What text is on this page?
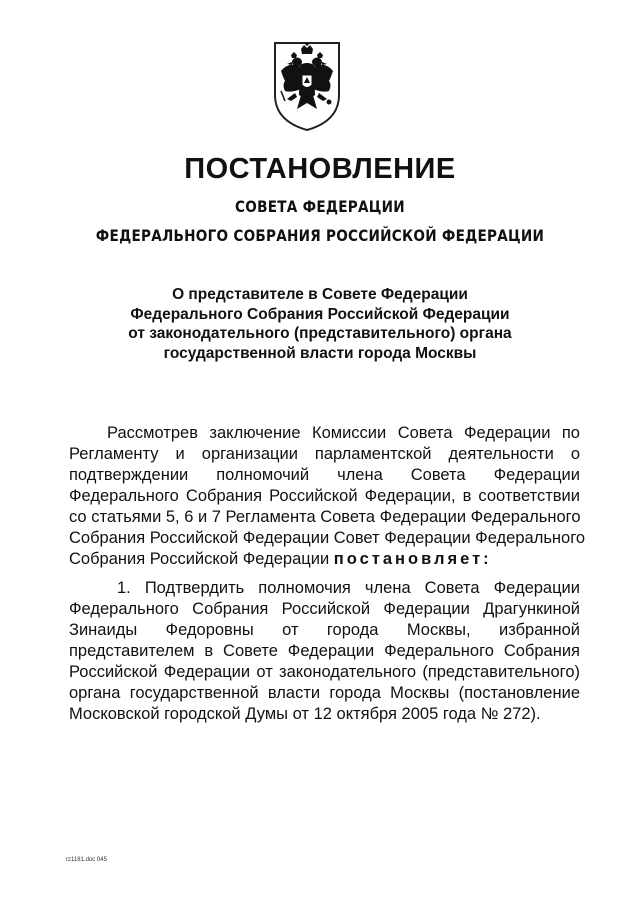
ПОСТАНОВЛЕНИЕ
СОВЕТА ФЕДЕРАЦИИ
ФЕДЕРАЛЬНОГО СОБРАНИЯ РОССИЙСКОЙ ФЕДЕРАЦИИ
О представителе в Совете Федерации
Федерального Собрания Российской Федерации
от законодательного (представительного) органа
государственной власти города Москвы
Рассмотрев заключение Комиссии Совета Федерации по
Регламенту и организации парламентской деятельности о
подтверждении полномочий члена Совета Федерации
Федерального Собрания Российской Федерации, в соответствии
со статьями 5, 6 и 7 Регламента Совета Федерации Федерального
Собрания Российской Федерации Совет Федерации Федерального
Собрания Российской Федерации постановляет:
1. Подтвердить полномочия члена Совета Федерации
Федерального Собрания Российской Федерации Драгункиной
Зинаиды Федоровны от города Москвы, избранной
представителем в Совете Федерации Федерального Собрания
Российской Федерации от законодательного (представительного)
органа государственной власти города Москвы (постановление
Московской городской Думы от 12 октября 2005 года № 272).
rz1181.doc 045
